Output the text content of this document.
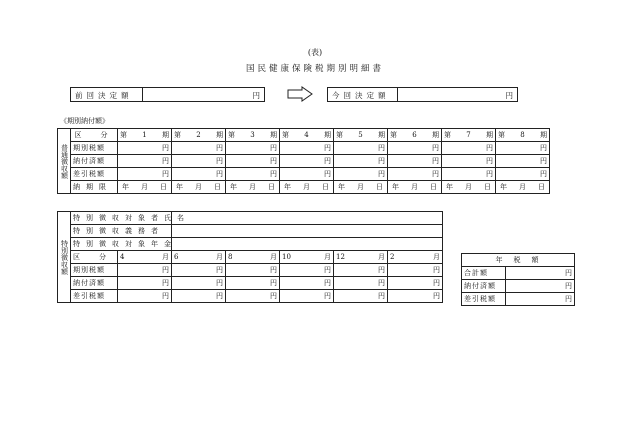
(表)
国民健康保険税期別明細書
前回決定額	円	今回決定額	円
《期別納付額》
普通徴収額	区　分	第 1 期	第 2 期	第 3 期	第 4 期	第 5 期	第 6 期	第 7 期	第 8 期

	期別税額	円	円	円	円	円	円	円	円
	納付済額	円	円	円	円	円	円	円	円
	差引税額	円	円	円	円	円	円	円	円
	納期限	年 月 日	年 月 日	年 月 日	年 月 日	年 月 日	年 月 日	年 月 日	年 月 日
特別徴収額	特別徴収対象者氏名						
	特別徴収義務者						
	特別徴収対象年金						
	区　分	4 月	6 月	8 月	10 月	12 月	2 月

	期別税額	円	円	円	円	円	円
	納付済額	円	円	円	円	円	円
	差引税額	円	円	円	円	円	円
年　税　額	
合計額	円
納付済額	円
差引税額	円
